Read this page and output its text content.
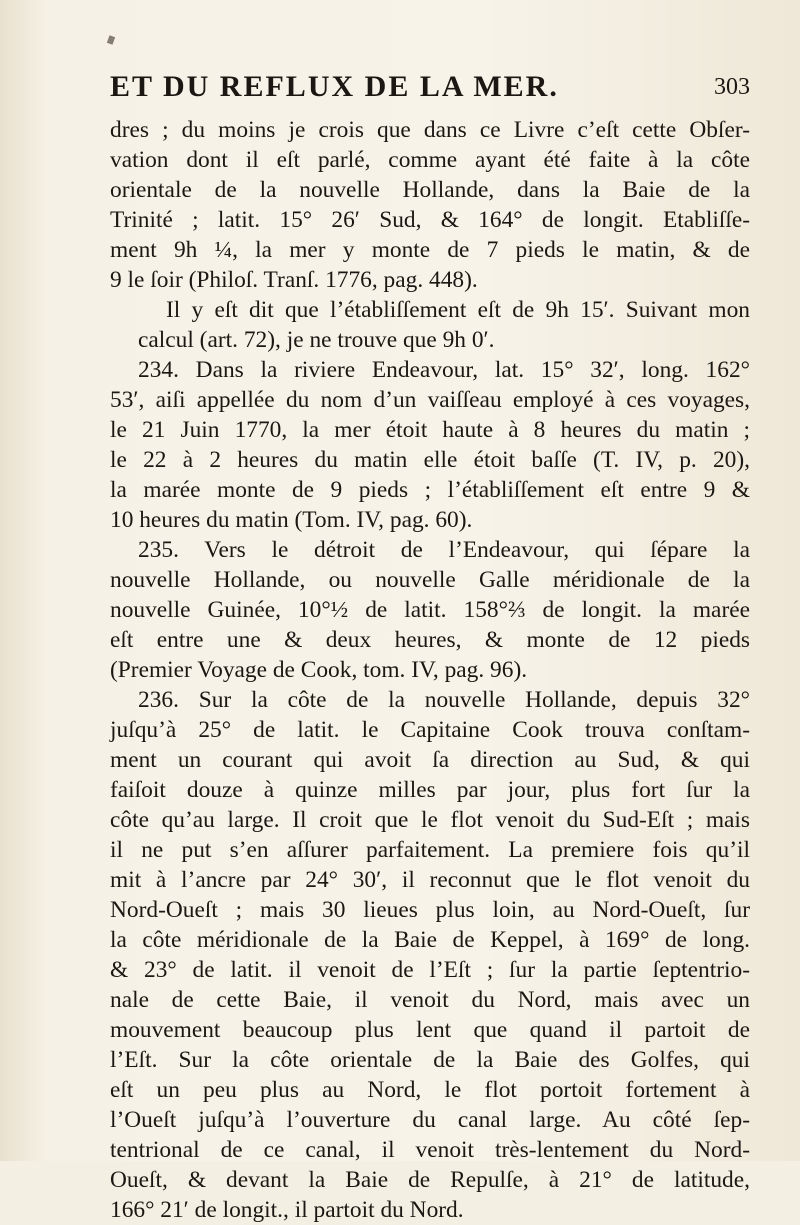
ET DU REFLUX DE LA MER.	303

dres ; du moins je crois que dans ce Livre c’eſt cette Obſer-
vation dont il eſt parlé, comme ayant été faite à la côte
orientale de la nouvelle Hollande, dans la Baie de la
Trinité ; latit. 15° 26′ Sud, & 164° de longit. Etabliſſe-
ment 9h ¼, la mer y monte de 7 pieds le matin, & de
9 le ſoir (Philoſ. Tranſ. 1776, pag. 448).

Il y eſt dit que l’établiſſement eſt de 9h 15′. Suivant mon
calcul (art. 72), je ne trouve que 9h 0′.

234. Dans la riviere Endeavour, lat. 15° 32′, long. 162°
53′, aiſi appellée du nom d’un vaiſſeau employé à ces voyages,
le 21 Juin 1770, la mer étoit haute à 8 heures du matin ;
le 22 à 2 heures du matin elle étoit baſſe (T. IV, p. 20),
la marée monte de 9 pieds ; l’établiſſement eſt entre 9 &
10 heures du matin (Tom. IV, pag. 60).

235. Vers le détroit de l’Endeavour, qui ſépare la
nouvelle Hollande, ou nouvelle Galle méridionale de la
nouvelle Guinée, 10°½ de latit. 158°⅔ de longit. la marée
eſt entre une & deux heures, & monte de 12 pieds
(Premier Voyage de Cook, tom. IV, pag. 96).

236. Sur la côte de la nouvelle Hollande, depuis 32°
juſqu’à 25° de latit. le Capitaine Cook trouva conſtam-
ment un courant qui avoit ſa direction au Sud, & qui
faiſoit douze à quinze milles par jour, plus fort ſur la
côte qu’au large. Il croit que le flot venoit du Sud-Eſt ; mais
il ne put s’en aſſurer parfaitement. La premiere fois qu’il
mit à l’ancre par 24° 30′, il reconnut que le flot venoit du
Nord-Oueſt ; mais 30 lieues plus loin, au Nord-Oueſt, ſur
la côte méridionale de la Baie de Keppel, à 169° de long.
& 23° de latit. il venoit de l’Eſt ; ſur la partie ſeptentrio-
nale de cette Baie, il venoit du Nord, mais avec un
mouvement beaucoup plus lent que quand il partoit de
l’Eſt. Sur la côte orientale de la Baie des Golfes, qui
eſt un peu plus au Nord, le flot portoit fortement à
l’Oueſt juſqu’à l’ouverture du canal large. Au côté ſep-
tentrional de ce canal, il venoit très-lentement du Nord-
Oueſt, & devant la Baie de Repulſe, à 21° de latitude,
166° 21′ de longit., il partoit du Nord.
